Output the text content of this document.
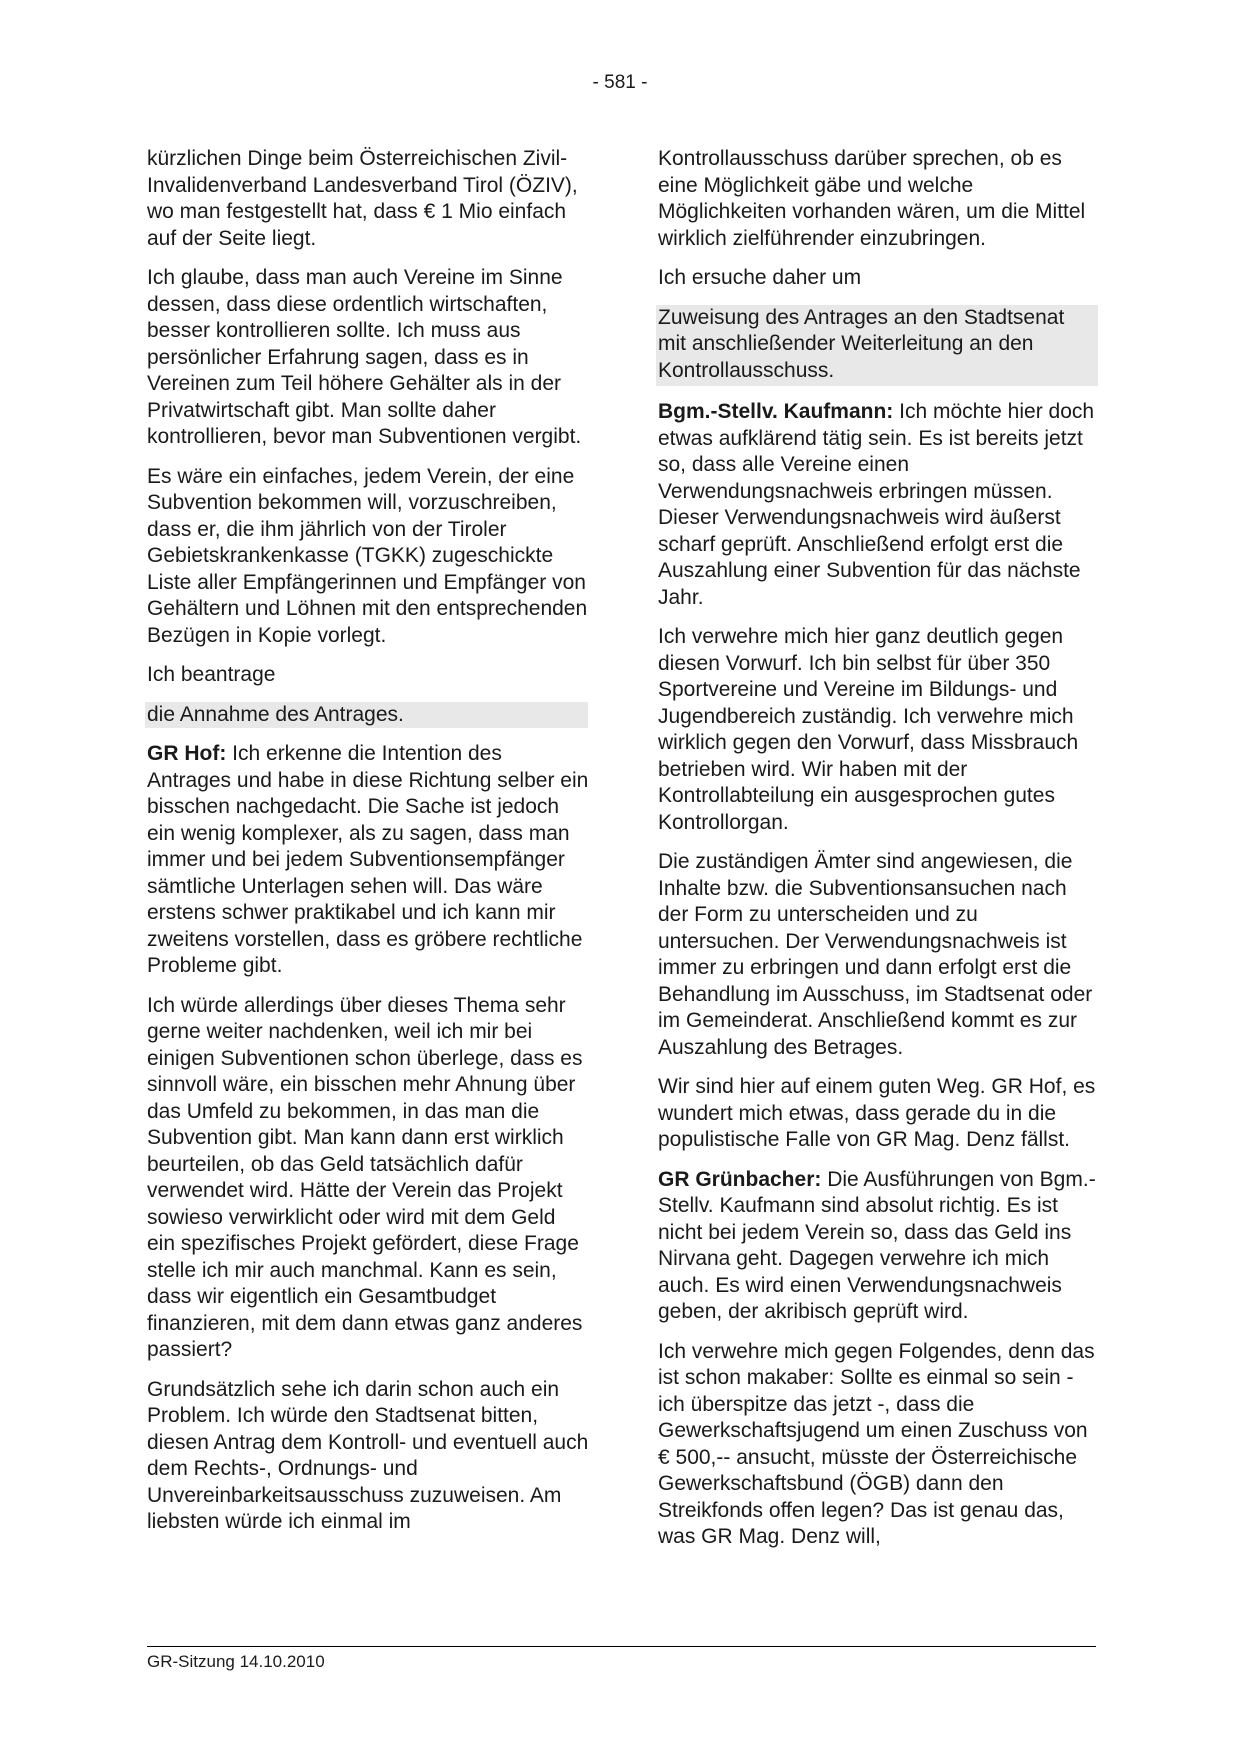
- 581 -

kürzlichen Dinge beim Österreichischen Zivil- Invalidenverband Landesverband Tirol (ÖZIV), wo man festgestellt hat, dass € 1 Mio einfach auf der Seite liegt.

Ich glaube, dass man auch Vereine im Sinne dessen, dass diese ordentlich wirtschaften, besser kontrollieren sollte. Ich muss aus persönlicher Erfahrung sagen, dass es in Vereinen zum Teil höhere Gehälter als in der Privatwirtschaft gibt. Man sollte daher kontrollieren, bevor man Subventionen vergibt.

Es wäre ein einfaches, jedem Verein, der eine Subvention bekommen will, vorzuschreiben, dass er, die ihm jährlich von der Tiroler Gebietskrankenkasse (TGKK) zugeschickte Liste aller Empfängerinnen und Empfänger von Gehältern und Löhnen mit den entsprechenden Bezügen in Kopie vorlegt.

Ich beantrage

die Annahme des Antrages.

GR Hof: Ich erkenne die Intention des Antrages und habe in diese Richtung selber ein bisschen nachgedacht. Die Sache ist jedoch ein wenig komplexer, als zu sagen, dass man immer und bei jedem Subventionsempfänger sämtliche Unterlagen sehen will. Das wäre erstens schwer praktikabel und ich kann mir zweitens vorstellen, dass es gröbere rechtliche Probleme gibt.

Ich würde allerdings über dieses Thema sehr gerne weiter nachdenken, weil ich mir bei einigen Subventionen schon überlege, dass es sinnvoll wäre, ein bisschen mehr Ahnung über das Umfeld zu bekommen, in das man die Subvention gibt. Man kann dann erst wirklich beurteilen, ob das Geld tatsächlich dafür verwendet wird. Hätte der Verein das Projekt sowieso verwirklicht oder wird mit dem Geld ein spezifisches Projekt gefördert, diese Frage stelle ich mir auch manchmal. Kann es sein, dass wir eigentlich ein Gesamtbudget finanzieren, mit dem dann etwas ganz anderes passiert?

Grundsätzlich sehe ich darin schon auch ein Problem. Ich würde den Stadtsenat bitten, diesen Antrag dem Kontroll- und eventuell auch dem Rechts-, Ordnungs- und Unvereinbarkeitsausschuss zuzuweisen. Am liebsten würde ich einmal im

Kontrollausschuss darüber sprechen, ob es eine Möglichkeit gäbe und welche Möglichkeiten vorhanden wären, um die Mittel wirklich zielführender einzubringen.

Ich ersuche daher um

Zuweisung des Antrages an den Stadtsenat mit anschließender Weiterleitung an den Kontrollausschuss.

Bgm.-Stellv. Kaufmann: Ich möchte hier doch etwas aufklärend tätig sein. Es ist bereits jetzt so, dass alle Vereine einen Verwendungsnachweis erbringen müssen. Dieser Verwendungsnachweis wird äußerst scharf geprüft. Anschließend erfolgt erst die Auszahlung einer Subvention für das nächste Jahr.

Ich verwehre mich hier ganz deutlich gegen diesen Vorwurf. Ich bin selbst für über 350 Sportvereine und Vereine im Bildungs- und Jugendbereich zuständig. Ich verwehre mich wirklich gegen den Vorwurf, dass Missbrauch betrieben wird. Wir haben mit der Kontrollabteilung ein ausgesprochen gutes Kontrollorgan.

Die zuständigen Ämter sind angewiesen, die Inhalte bzw. die Subventionsansuchen nach der Form zu unterscheiden und zu untersuchen. Der Verwendungsnachweis ist immer zu erbringen und dann erfolgt erst die Behandlung im Ausschuss, im Stadtsenat oder im Gemeinderat. Anschließend kommt es zur Auszahlung des Betrages.

Wir sind hier auf einem guten Weg. GR Hof, es wundert mich etwas, dass gerade du in die populistische Falle von GR Mag. Denz fällst.

GR Grünbacher: Die Ausführungen von Bgm.-Stellv. Kaufmann sind absolut richtig. Es ist nicht bei jedem Verein so, dass das Geld ins Nirvana geht. Dagegen verwehre ich mich auch. Es wird einen Verwendungsnachweis geben, der akribisch geprüft wird.

Ich verwehre mich gegen Folgendes, denn das ist schon makaber: Sollte es einmal so sein - ich überspitze das jetzt -, dass die Gewerkschaftsjugend um einen Zuschuss von € 500,-- ansucht, müsste der Österreichische Gewerkschaftsbund (ÖGB) dann den Streikfonds offen legen? Das ist genau das, was GR Mag. Denz will,

GR-Sitzung 14.10.2010
